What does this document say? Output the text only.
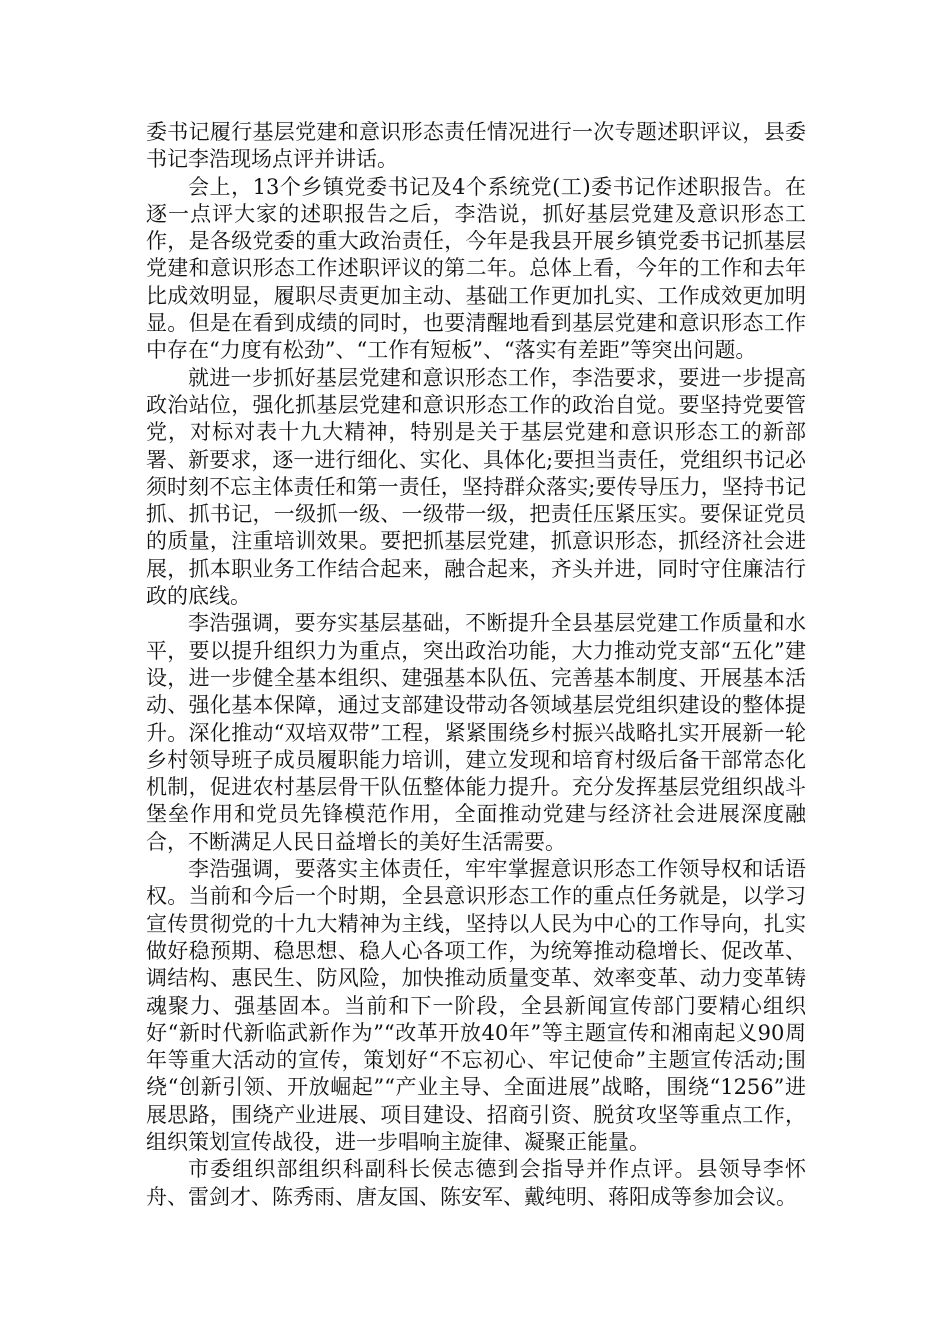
委书记履行基层党建和意识形态责任情况进行一次专题述职评议，县委书记李浩现场点评并讲话。

会上，13个乡镇党委书记及4个系统党(工)委书记作述职报告。在逐一点评大家的述职报告之后，李浩说，抓好基层党建及意识形态工作，是各级党委的重大政治责任，今年是我县开展乡镇党委书记抓基层党建和意识形态工作述职评议的第二年。总体上看，今年的工作和去年比成效明显，履职尽责更加主动、基础工作更加扎实、工作成效更加明显。但是在看到成绩的同时，也要清醒地看到基层党建和意识形态工作中存在“力度有松劲”、“工作有短板”、“落实有差距”等突出问题。

就进一步抓好基层党建和意识形态工作，李浩要求，要进一步提高政治站位，强化抓基层党建和意识形态工作的政治自觉。要坚持党要管党，对标对表十九大精神，特别是关于基层党建和意识形态工的新部署、新要求，逐一进行细化、实化、具体化;要担当责任，党组织书记必须时刻不忘主体责任和第一责任，坚持群众落实;要传导压力，坚持书记抓、抓书记，一级抓一级、一级带一级，把责任压紧压实。要保证党员的质量，注重培训效果。要把抓基层党建，抓意识形态，抓经济社会进展，抓本职业务工作结合起来，融合起来，齐头并进，同时守住廉洁行政的底线。

李浩强调，要夯实基层基础，不断提升全县基层党建工作质量和水平，要以提升组织力为重点，突出政治功能，大力推动党支部“五化”建设，进一步健全基本组织、建强基本队伍、完善基本制度、开展基本活动、强化基本保障，通过支部建设带动各领域基层党组织建设的整体提升。深化推动“双培双带”工程，紧紧围绕乡村振兴战略扎实开展新一轮乡村领导班子成员履职能力培训，建立发现和培育村级后备干部常态化机制，促进农村基层骨干队伍整体能力提升。充分发挥基层党组织战斗堡垒作用和党员先锋模范作用，全面推动党建与经济社会进展深度融合，不断满足人民日益增长的美好生活需要。

李浩强调，要落实主体责任，牢牢掌握意识形态工作领导权和话语权。当前和今后一个时期，全县意识形态工作的重点任务就是，以学习宣传贯彻党的十九大精神为主线，坚持以人民为中心的工作导向，扎实做好稳预期、稳思想、稳人心各项工作，为统筹推动稳增长、促改革、调结构、惠民生、防风险，加快推动质量变革、效率变革、动力变革铸魂聚力、强基固本。当前和下一阶段，全县新闻宣传部门要精心组织好“新时代新临武新作为”“改革开放40年”等主题宣传和湘南起义90周年等重大活动的宣传，策划好“不忘初心、牢记使命”主题宣传活动;围绕“创新引领、开放崛起”“产业主导、全面进展”战略，围绕“1256”进展思路，围绕产业进展、项目建设、招商引资、脱贫攻坚等重点工作，组织策划宣传战役，进一步唱响主旋律、凝聚正能量。

市委组织部组织科副科长侯志德到会指导并作点评。县领导李怀舟、雷剑才、陈秀雨、唐友国、陈安军、戴纯明、蒋阳成等参加会议。
